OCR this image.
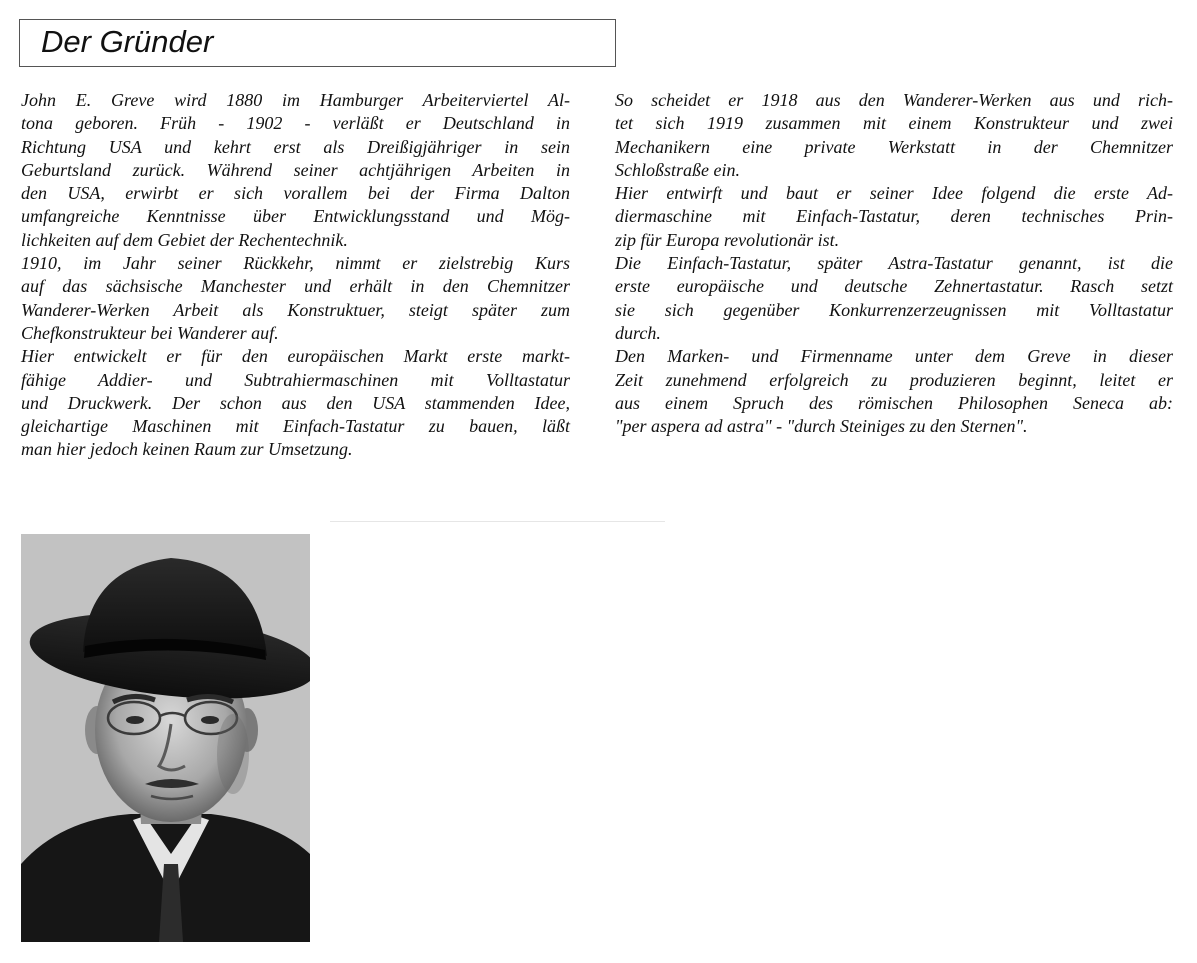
Der Gründer
John E. Greve wird 1880 im Hamburger Arbeiterviertel Al-
tona geboren. Früh - 1902 - verläßt er Deutschland in
Richtung USA und kehrt erst als Dreißigjähriger in sein
Geburtsland zurück. Während seiner achtjährigen Arbeiten in
den USA, erwirbt er sich vorallem bei der Firma Dalton
umfangreiche Kenntnisse über Entwicklungsstand und Mög-
lichkeiten auf dem Gebiet der Rechentechnik.
1910, im Jahr seiner Rückkehr, nimmt er zielstrebig Kurs
auf das sächsische Manchester und erhält in den Chemnitzer
Wanderer-Werken Arbeit als Konstruktuer, steigt später zum
Chefkonstrukteur bei Wanderer auf.
Hier entwickelt er für den europäischen Markt erste markt-
fähige Addier- und Subtrahiermaschinen mit Volltastatur
und Druckwerk. Der schon aus den USA stammenden Idee,
gleichartige Maschinen mit Einfach-Tastatur zu bauen, läßt
man hier jedoch keinen Raum zur Umsetzung.
So scheidet er 1918 aus den Wanderer-Werken aus und rich-
tet sich 1919 zusammen mit einem Konstrukteur und zwei
Mechanikern eine private Werkstatt in der Chemnitzer
Schloßstraße ein.
Hier entwirft und baut er seiner Idee folgend die erste Ad-
diermaschine mit Einfach-Tastatur, deren technisches Prin-
zip für Europa revolutionär ist.
Die Einfach-Tastatur, später Astra-Tastatur genannt, ist die
erste europäische und deutsche Zehnertastatur. Rasch setzt
sie sich gegenüber Konkurrenzerzeugnissen mit Volltastatur
durch.
Den Marken- und Firmenname unter dem Greve in dieser
Zeit zunehmend erfolgreich zu produzieren beginnt, leitet er
aus einem Spruch des römischen Philosophen Seneca ab:
"per aspera ad astra" - "durch Steiniges zu den Sternen".
